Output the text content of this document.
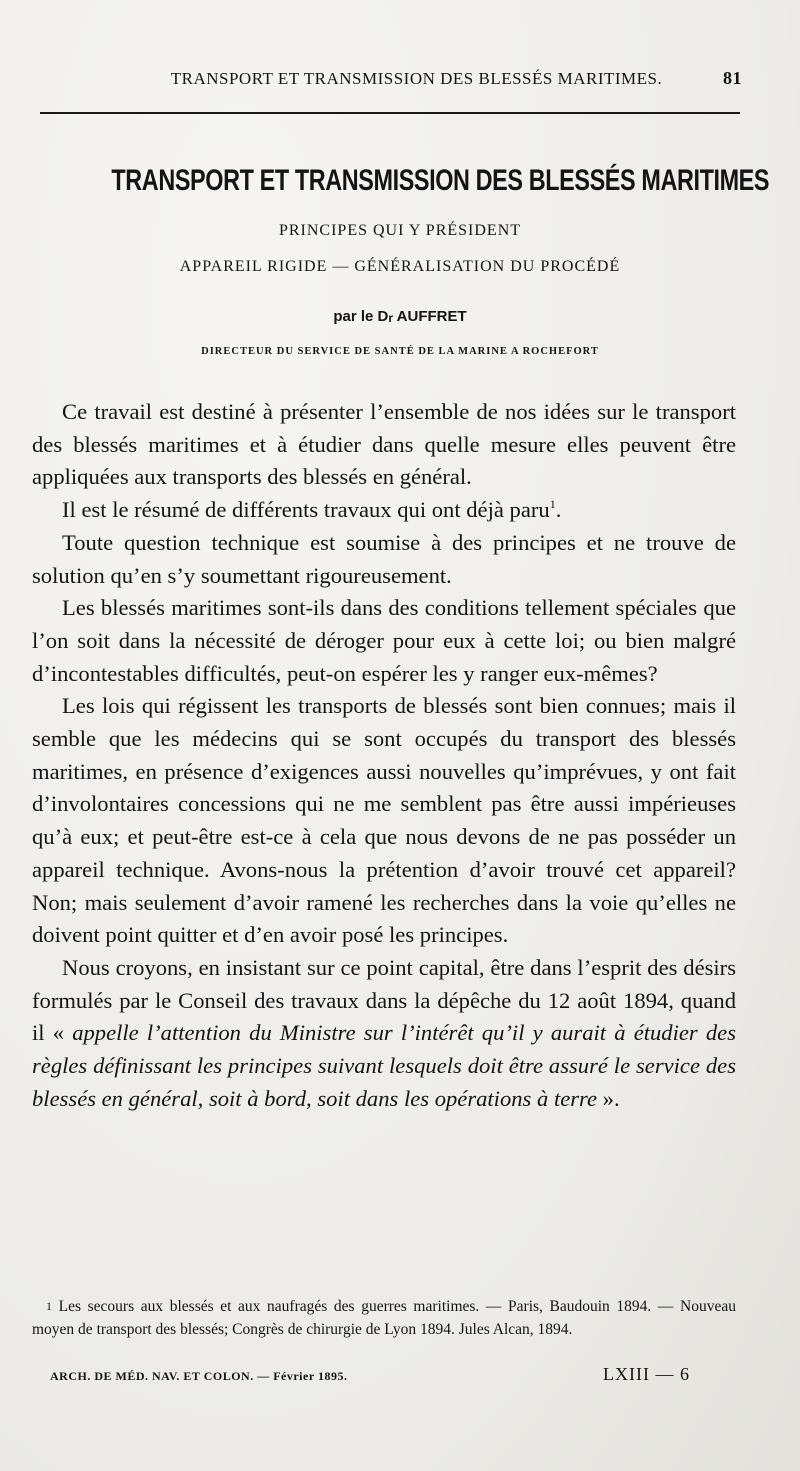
TRANSPORT ET TRANSMISSION DES BLESSÉS MARITIMES.	81
TRANSPORT ET TRANSMISSION DES BLESSÉS MARITIMES
PRINCIPES QUI Y PRÉSIDENT
APPAREIL RIGIDE — GÉNÉRALISATION DU PROCÉDÉ
par le $D^r$ AUFFRET
DIRECTEUR DU SERVICE DE SANTÉ DE LA MARINE A ROCHEFORT

Ce travail est destiné à présenter l’ensemble de nos idées sur le transport des blessés maritimes et à étudier dans quelle mesure elles peuvent être appliquées aux transports des blessés en général.

Il est le résumé de différents travaux qui ont déjà paru$^1$.

Toute question technique est soumise à des principes et ne trouve de solution qu’en s’y soumettant rigoureusement.

Les blessés maritimes sont-ils dans des conditions tellement spéciales que l’on soit dans la nécessité de déroger pour eux à cette loi; ou bien malgré d’incontestables difficultés, peut-on espérer les y ranger eux-mêmes?

Les lois qui régissent les transports de blessés sont bien connues; mais il semble que les médecins qui se sont occupés du transport des blessés maritimes, en présence d’exigences aussi nouvelles qu’imprévues, y ont fait d’involontaires concessions qui ne me semblent pas être aussi impérieuses qu’à eux; et peut-être est-ce à cela que nous devons de ne pas posséder un appareil technique. Avons-nous la prétention d’avoir trouvé cet appareil? Non; mais seulement d’avoir ramené les recherches dans la voie qu’elles ne doivent point quitter et d’en avoir posé les principes.

Nous croyons, en insistant sur ce point capital, être dans l’esprit des désirs formulés par le Conseil des travaux dans la dépêche du 12 août 1894, quand il « appelle l’attention du Ministre sur l’intérêt qu’il y aurait à étudier des règles définissant les principes suivant lesquels doit être assuré le service des blessés en général, soit à bord, soit dans les opérations à terre ».

$^1$ Les secours aux blessés et aux naufragés des guerres maritimes. — Paris, Baudouin 1894. — Nouveau moyen de transport des blessés; Congrès de chirurgie de Lyon 1894. Jules Alcan, 1894.

ARCH. DE MÉD. NAV. ET COLON. — Février 1895.	LXIII — 6
